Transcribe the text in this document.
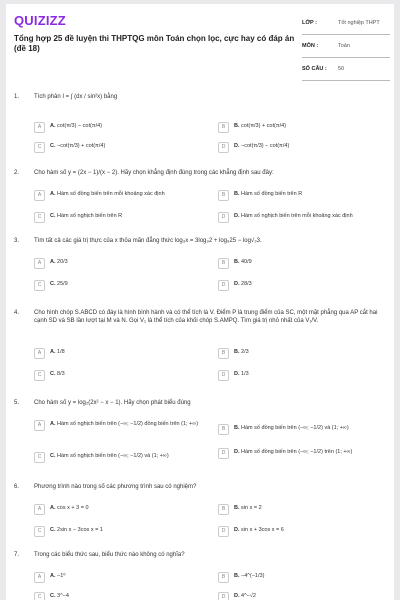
QUIZIZZ
Tổng hợp 25 đề luyện thi THPTQG môn Toán chọn lọc, cực hay có đáp án (đề 18)
LỚP :	Tốt nghiệp THPT
MÔN :	Toán
SỐ CÂU :	50
1. Tích phân I = ∫ (dx / sin²x) bằng
A	A. cot(π/3) − cot(π/4)	B	B. cot(π/3) + cot(π/4)
C	C. −cot(π/3) + cot(π/4)	D	D. −cot(π/3) − cot(π/4)
2. Cho hàm số y = (2x − 1)/(x − 2). Hãy chọn khẳng định đúng trong các khẳng định sau đây:
A	A. Hàm số đồng biến trên mỗi khoảng xác định	B	B. Hàm số đồng biến trên R
C	C. Hàm số nghịch biến trên R	D	D. Hàm số nghịch biến trên mỗi khoảng xác định
3. Tìm tất cả các giá trị thực của x thỏa mãn đẳng thức log₃x = 3log₃2 + log₉25 − log√₃3.
A	A. 20/3	B	B. 40/9
C	C. 25/9	D	D. 28/3
4. Cho hình chóp S.ABCD có đáy là hình bình hành và có thể tích là V. Điểm P là trung điểm của SC, một mặt phẳng qua AP cắt hai cạnh SD và SB lần lượt tại M và N. Gọi V₁ là thể tích của khối chóp S.AMPQ. Tìm giá trị nhỏ nhất của V₁/V.
A	A. 1/8	B	B. 2/3
C	C. 8/3	D	D. 1/3
5. Cho hàm số y = log₂(2x² − x − 1). Hãy chọn phát biểu đúng
A	A. Hàm số nghịch biến trên (−∞; −1/2) đồng biến trên (1; +∞)
B	B. Hàm số đồng biến trên (−∞; −1/2) và (1; +∞)
C	C. Hàm số nghịch biến trên (−∞; −1/2) và (1; +∞)	D	D. Hàm số đồng biến trên (−∞; −1/2) trên (1; +∞)
6. Phương trình nào trong số các phương trình sau có nghiệm?
A	A. cos x + 3 = 0	B	B. sin x = 2
C	C. 2sin x − 3cos x = 1	D	D. sin x + 3cos x = 6
7. Trong các biểu thức sau, biểu thức nào không có nghĩa?
A	A. −1⁰	B	B. −4^(−1/3)
C	C. 3^−4	D	D. 4^−√2
